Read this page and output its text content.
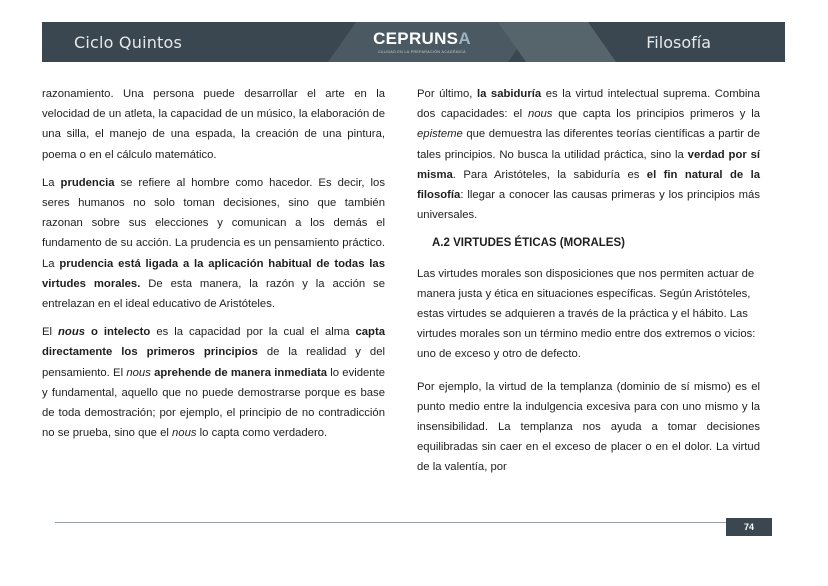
Ciclo Quintos	CEPRUNSA
CALIDAD EN LA PREPARACIÓN ACADÉMICA	Filosofía

razonamiento. Una persona puede desarrollar el arte en la velocidad de un atleta, la capacidad de un músico, la elaboración de una silla, el manejo de una espada, la creación de una pintura, poema o en el cálculo matemático.

La prudencia se refiere al hombre como hacedor. Es decir, los seres humanos no solo toman decisiones, sino que también razonan sobre sus elecciones y comunican a los demás el fundamento de su acción. La prudencia es un pensamiento práctico. La prudencia está ligada a la aplicación habitual de todas las virtudes morales. De esta manera, la razón y la acción se entrelazan en el ideal educativo de Aristóteles.

El nous o intelecto es la capacidad por la cual el alma capta directamente los primeros principios de la realidad y del pensamiento. El nous aprehende de manera inmediata lo evidente y fundamental, aquello que no puede demostrarse porque es base de toda demostración; por ejemplo, el principio de no contradicción no se prueba, sino que el nous lo capta como verdadero.

Por último, la sabiduría es la virtud intelectual suprema. Combina dos capacidades: el nous que capta los principios primeros y la episteme que demuestra las diferentes teorías científicas a partir de tales principios. No busca la utilidad práctica, sino la verdad por sí misma. Para Aristóteles, la sabiduría es el fin natural de la filosofía: llegar a conocer las causas primeras y los principios más universales.

A.2 VIRTUDES ÉTICAS (MORALES)

Las virtudes morales son disposiciones que nos permiten actuar de manera justa y ética en situaciones específicas. Según Aristóteles, estas virtudes se adquieren a través de la práctica y el hábito. Las virtudes morales son un término medio entre dos extremos o vicios: uno de exceso y otro de defecto.

Por ejemplo, la virtud de la templanza (dominio de sí mismo) es el punto medio entre la indulgencia excesiva para con uno mismo y la insensibilidad. La templanza nos ayuda a tomar decisiones equilibradas sin caer en el exceso de placer o en el dolor. La virtud de la valentía, por

74
